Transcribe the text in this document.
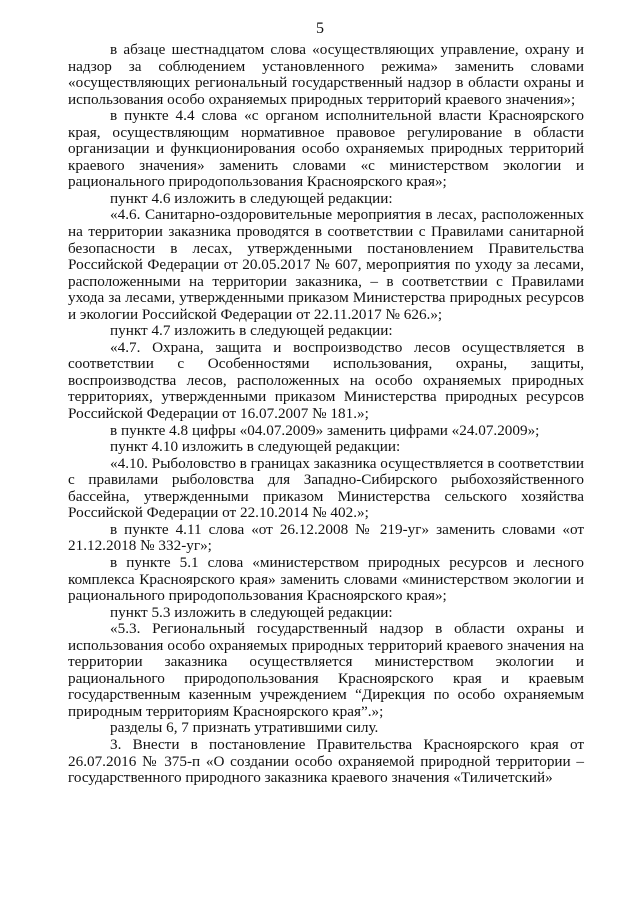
5

в абзаце шестнадцатом слова «осуществляющих управление, охрану и надзор за соблюдением установленного режима» заменить словами «осуществляющих региональный государственный надзор в области охраны и использования особо охраняемых природных территорий краевого значения»;

в пункте 4.4 слова «с органом исполнительной власти Красноярского края, осуществляющим нормативное правовое регулирование в области организации и функционирования особо охраняемых природных территорий краевого значения» заменить словами «с министерством экологии и рационального природопользования Красноярского края»;

пункт 4.6 изложить в следующей редакции:

«4.6. Санитарно-оздоровительные мероприятия в лесах, расположенных на территории заказника проводятся в соответствии с Правилами санитарной безопасности в лесах, утвержденными постановлением Правительства Российской Федерации от 20.05.2017 № 607, мероприятия по уходу за лесами, расположенными на территории заказника, – в соответствии с Правилами ухода за лесами, утвержденными приказом Министерства природных ресурсов и экологии Российской Федерации от 22.11.2017 № 626.»;

пункт 4.7 изложить в следующей редакции:

«4.7. Охрана, защита и воспроизводство лесов осуществляется в соответствии с Особенностями использования, охраны, защиты, воспроизводства лесов, расположенных на особо охраняемых природных территориях, утвержденными приказом Министерства природных ресурсов Российской Федерации от 16.07.2007 № 181.»;

в пункте 4.8 цифры «04.07.2009» заменить цифрами «24.07.2009»;

пункт 4.10 изложить в следующей редакции:

«4.10. Рыболовство в границах заказника осуществляется в соответствии с правилами рыболовства для Западно-Сибирского рыбохозяйственного бассейна, утвержденными приказом Министерства сельского хозяйства Российской Федерации от 22.10.2014 № 402.»;

в пункте 4.11 слова «от 26.12.2008 № 219-уг» заменить словами «от 21.12.2018 № 332-уг»;

в пункте 5.1 слова «министерством природных ресурсов и лесного комплекса Красноярского края» заменить словами «министерством экологии и рационального природопользования Красноярского края»;

пункт 5.3 изложить в следующей редакции:

«5.3. Региональный государственный надзор в области охраны и использования особо охраняемых природных территорий краевого значения на территории заказника осуществляется министерством экологии и рационального природопользования Красноярского края и краевым государственным казенным учреждением “Дирекция по особо охраняемым природным территориям Красноярского края”.»;

разделы 6, 7 признать утратившими силу.

3. Внести в постановление Правительства Красноярского края от 26.07.2016 № 375-п «О создании особо охраняемой природной территории – государственного природного заказника краевого значения «Тиличетский»
